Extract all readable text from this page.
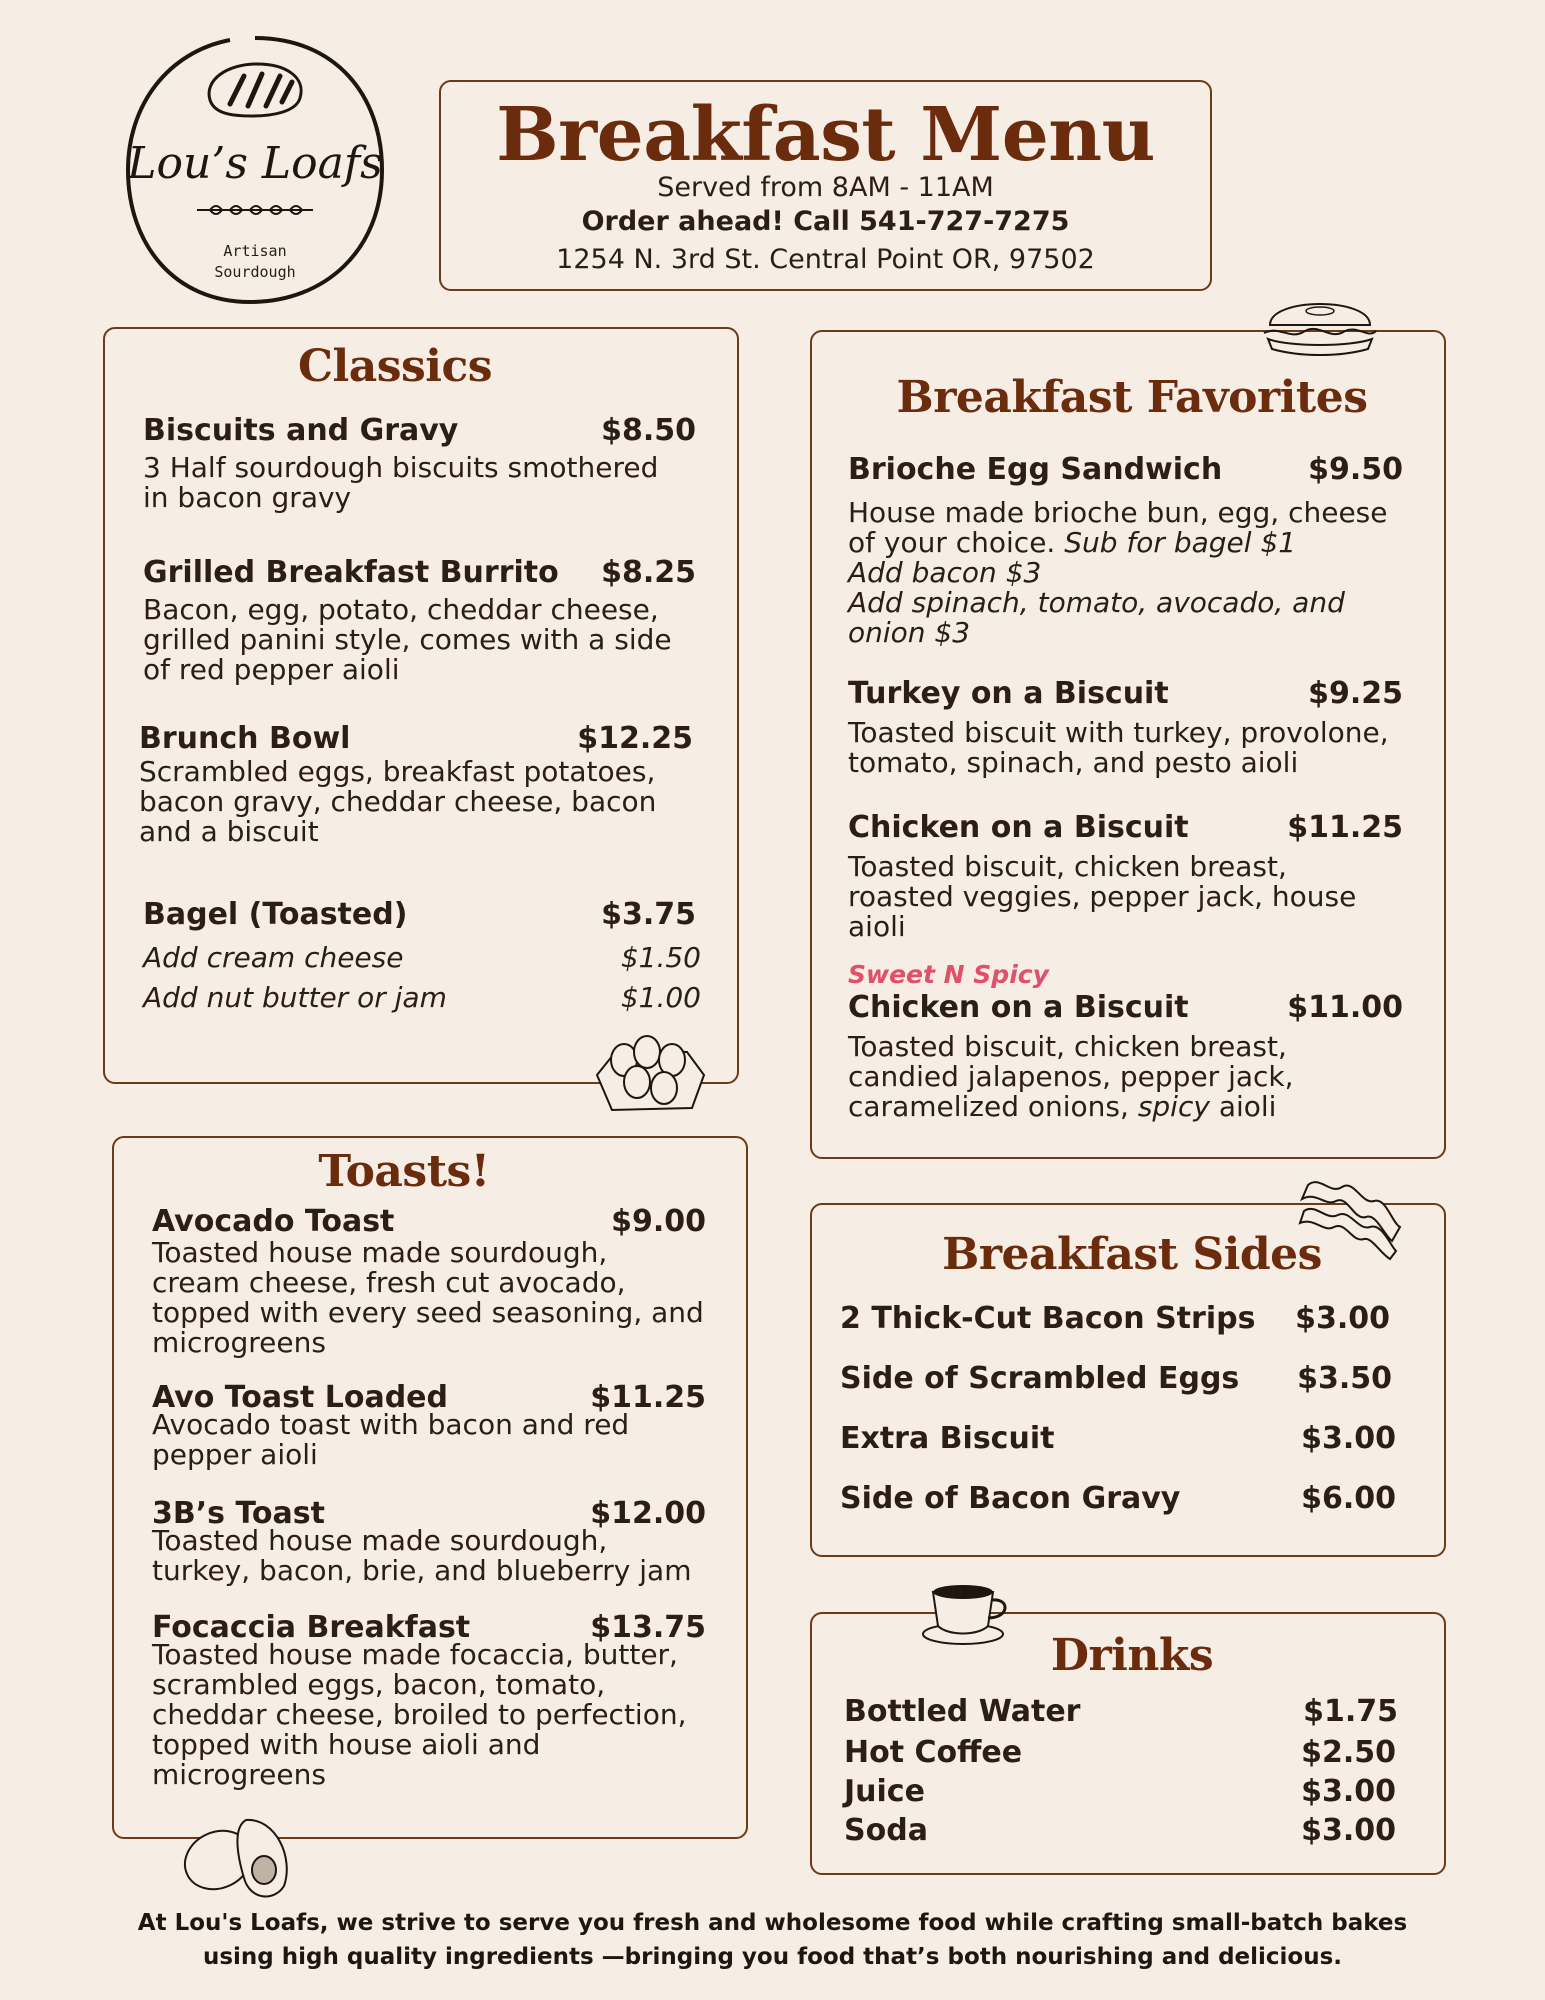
Lou’s Loafs
Artisan
Sourdough
Breakfast Menu
Served from 8AM - 11AM
Order ahead! Call 541-727-7275
1254 N. 3rd St. Central Point OR, 97502
Classics
Biscuits and Gravy	$8.50
3 Half sourdough biscuits smothered
in bacon gravy
Grilled Breakfast Burrito $8.25
Bacon, egg, potato, cheddar cheese,
grilled panini style, comes with a side
of red pepper aioli
Brunch Bowl	$12.25
Scrambled eggs, breakfast potatoes,
bacon gravy, cheddar cheese, bacon
and a biscuit
Bagel (Toasted)	$3.75
Add cream cheese	$1.50
Add nut butter or jam	$1.00
Breakfast Favorites
Brioche Egg Sandwich	$9.50
House made brioche bun, egg, cheese
of your choice. Sub for bagel $1
Add bacon $3
Add spinach, tomato, avocado, and
onion $3
Turkey on a Biscuit	$9.25
Toasted biscuit with turkey, provolone,
tomato, spinach, and pesto aioli
Chicken on a Biscuit	$11.25
Toasted biscuit, chicken breast,
roasted veggies, pepper jack, house
aioli
Sweet N Spicy
Chicken on a Biscuit	$11.00
Toasted biscuit, chicken breast,
candied jalapenos, pepper jack,
caramelized onions, spicy aioli
Toasts!
Avocado Toast	$9.00
Toasted house made sourdough,
cream cheese, fresh cut avocado,
topped with every seed seasoning, and
microgreens
Avo Toast Loaded	$11.25
Avocado toast with bacon and red
pepper aioli
3B’s Toast	$12.00
Toasted house made sourdough,
turkey, bacon, brie, and blueberry jam
Focaccia Breakfast	$13.75
Toasted house made focaccia, butter,
scrambled eggs, bacon, tomato,
cheddar cheese, broiled to perfection,
topped with house aioli and
microgreens
Breakfast Sides
2 Thick-Cut Bacon Strips $3.00
Side of Scrambled Eggs $3.50
Extra Biscuit	$3.00
Side of Bacon Gravy	$6.00
Drinks
Bottled Water	$1.75
Hot Coffee	$2.50
Juice	$3.00
Soda	$3.00
At Lou's Loafs, we strive to serve you fresh and wholesome food while crafting small-batch bakes
using high quality ingredients —bringing you food that’s both nourishing and delicious.
